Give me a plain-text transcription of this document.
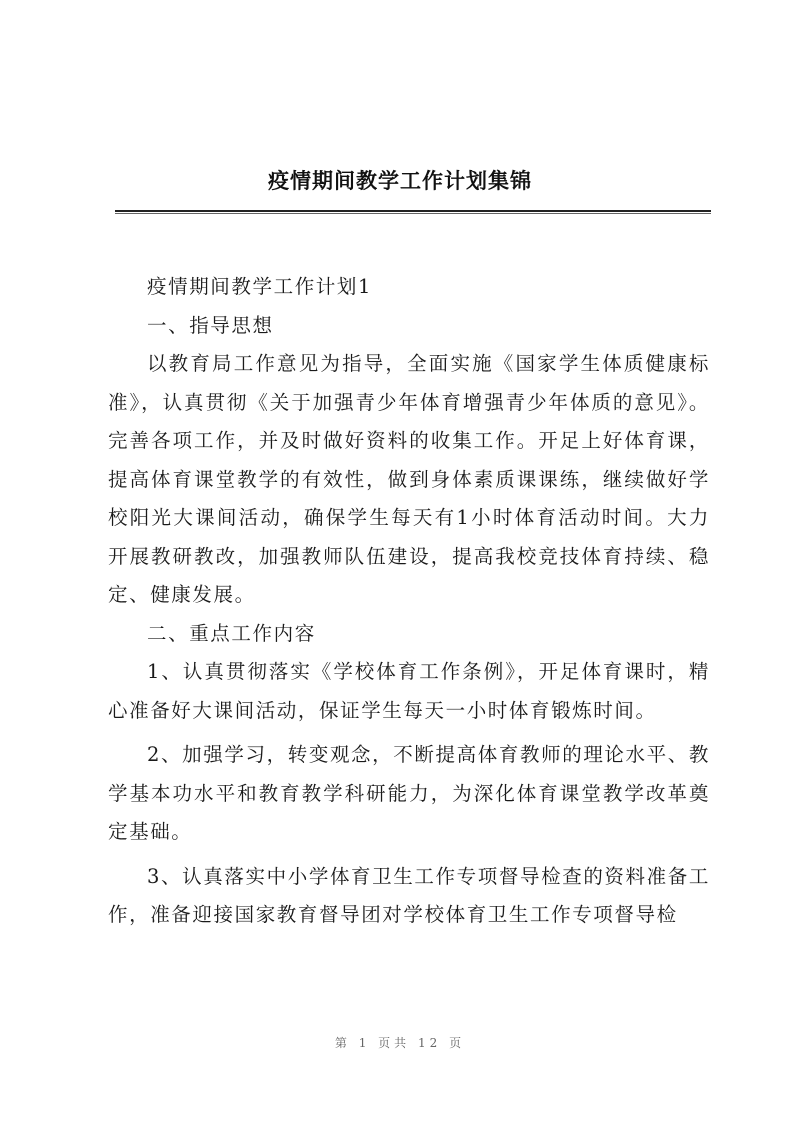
疫情期间教学工作计划集锦

疫情期间教学工作计划1

一、指导思想

以教育局工作意见为指导，全面实施《国家学生体质健康标准》，认真贯彻《关于加强青少年体育增强青少年体质的意见》。完善各项工作，并及时做好资料的收集工作。开足上好体育课，提高体育课堂教学的有效性，做到身体素质课课练，继续做好学校阳光大课间活动，确保学生每天有1小时体育活动时间。大力开展教研教改，加强教师队伍建设，提高我校竞技体育持续、稳定、健康发展。

二、重点工作内容

1、认真贯彻落实《学校体育工作条例》，开足体育课时，精心准备好大课间活动，保证学生每天一小时体育锻炼时间。

2、加强学习，转变观念，不断提高体育教师的理论水平、教学基本功水平和教育教学科研能力，为深化体育课堂教学改革奠定基础。

3、认真落实中小学体育卫生工作专项督导检查的资料准备工作，准备迎接国家教育督导团对学校体育卫生工作专项督导检

第 1 页共 12 页
